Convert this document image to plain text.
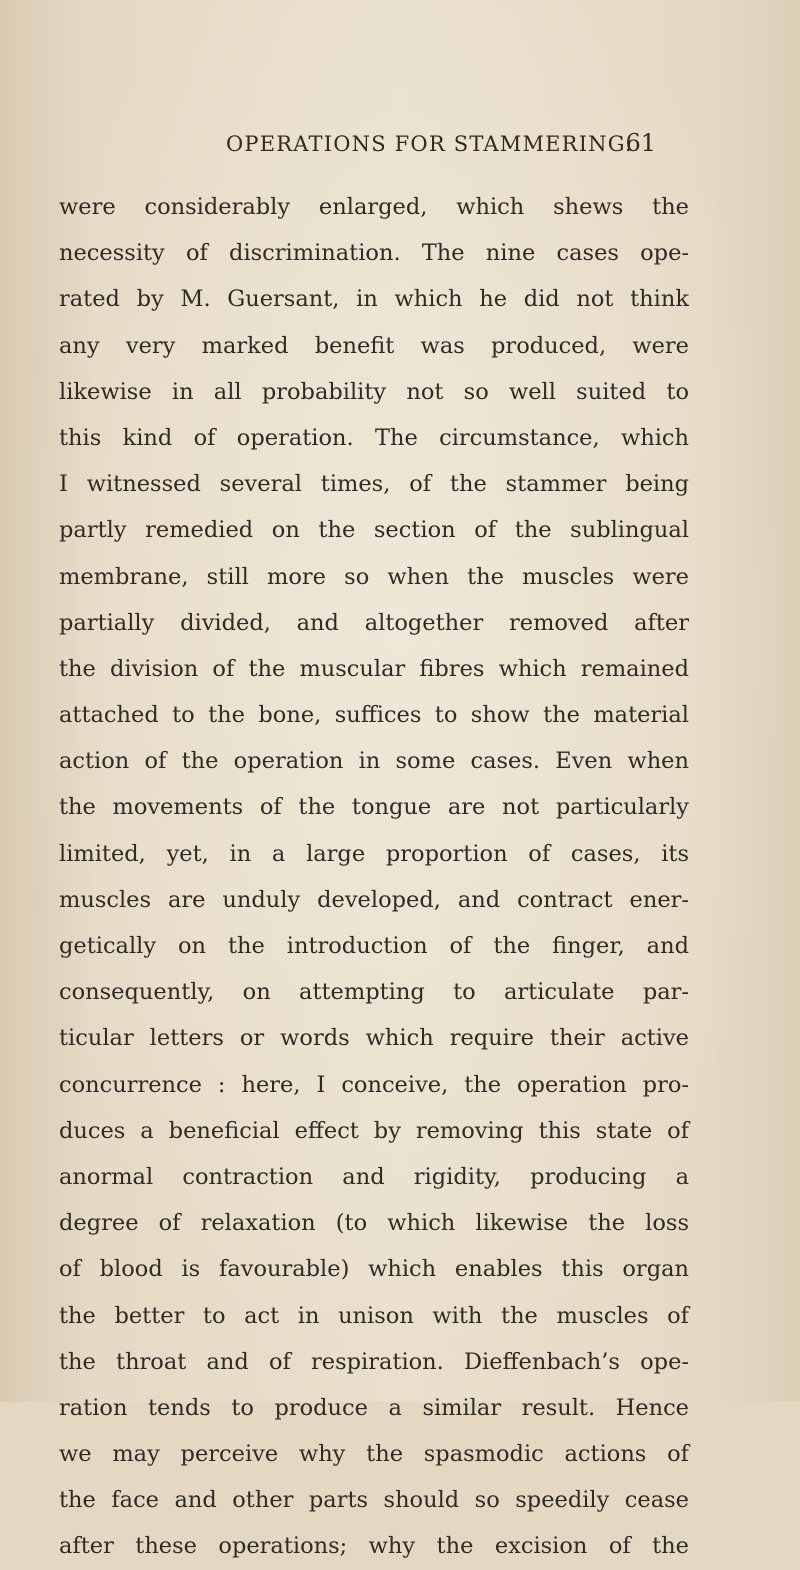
OPERATIONS FOR STAMMERING.
61
were considerably enlarged, which shews the
necessity of discrimination. The nine cases ope-
rated by M. Guersant, in which he did not think
any very marked benefit was produced, were
likewise in all probability not so well suited to
this kind of operation. The circumstance, which
I witnessed several times, of the stammer being
partly remedied on the section of the sublingual
membrane, still more so when the muscles were
partially divided, and altogether removed after
the division of the muscular fibres which remained
attached to the bone, suffices to show the material
action of the operation in some cases. Even when
the movements of the tongue are not particularly
limited, yet, in a large proportion of cases, its
muscles are unduly developed, and contract ener-
getically on the introduction of the finger, and
consequently, on attempting to articulate par-
ticular letters or words which require their active
concurrence : here, I conceive, the operation pro-
duces a beneficial effect by removing this state of
anormal contraction and rigidity, producing a
degree of relaxation (to which likewise the loss
of blood is favourable) which enables this organ
the better to act in unison with the muscles of
the throat and of respiration. Dieffenbach’s ope-
ration tends to produce a similar result. Hence
we may perceive why the spasmodic actions of
the face and other parts should so speedily cease
after these operations; why the excision of the
